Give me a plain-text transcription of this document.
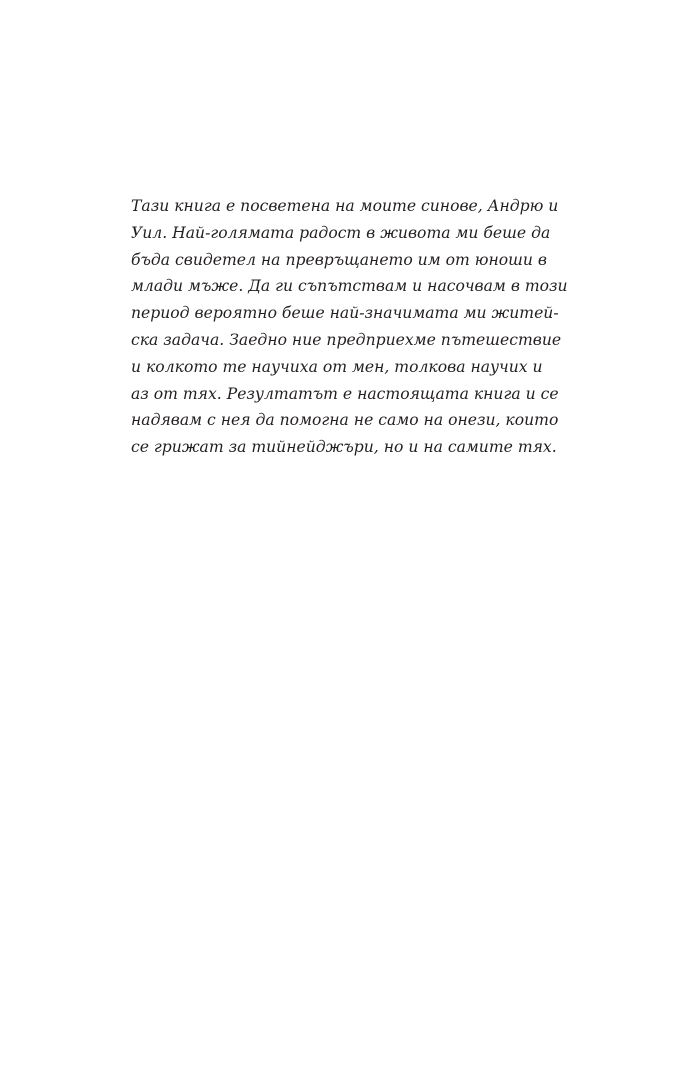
Тази книга е посветена на моите синове, Андрю и
Уил. Най-голямата радост в живота ми беше да
бъда свидетел на превръщането им от юноши в
млади мъже. Да ги съпътствам и насочвам в този
период вероятно беше най-значимата ми житей-
ска задача. Заедно ние предприехме пътешествие
и колкото те научиха от мен, толкова научих и
аз от тях. Резултатът е настоящата книга и се
надявам с нея да помогна не само на онези, които
се грижат за тийнейджъри, но и на самите тях.
